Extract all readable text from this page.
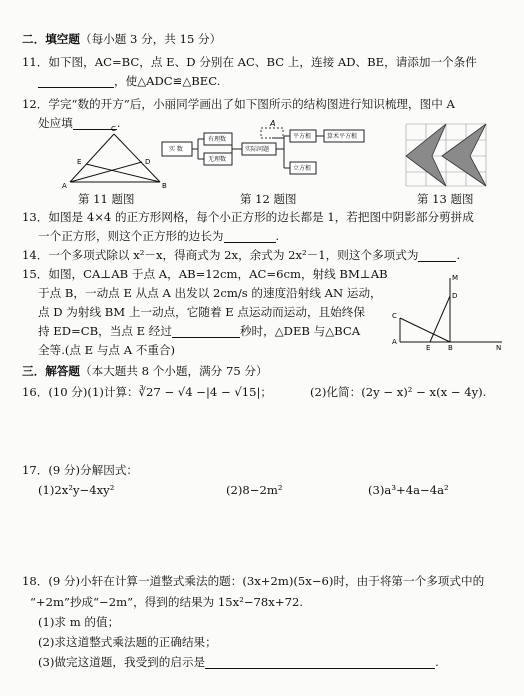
二．填空题（每小题 3 分，共 15 分）
11．如下图，AC=BC，点 E、D 分别在 AC、BC 上，连接 AD、BE，请添加一个条件
，使△ADC≌△BEC.
12．学完“数的开方”后，小丽同学画出了如下图所示的结构图进行知识梳理，图中 A
处应填	.
C
E	D
A	B
A
实 数
有理数
无理数
实际问题
平方根	算术平方根
立方根
第 11 题图	第 12 题图	第 13 题图
13．如图是 4×4 的正方形网格，每个小正方形的边长都是 1，若把图中阴影部分剪拼成
一个正方形，则这个正方形的边长为	.
14．一个多项式除以 x²－x，得商式为 2x，余式为 2x²－1，则这个多项式为	.
15．如图，CA⊥AB 于点 A，AB=12cm，AC=6cm，射线 BM⊥AB
于点 B，一动点 E 从点 A 出发以 2cm/s 的速度沿射线 AN 运动，
点 D 为射线 BM 上一动点，它随着 E 点运动而运动，且始终保
持 ED=CB，当点 E 经过	秒时，△DEB 与△BCA
全等.(点 E 与点 A 不重合)
M
D
C
A
E	B	N
三．解答题（本大题共 8 个小题，满分 75 分）
16．(10 分)(1)计算：∛27 − √4 −|4 − √15|；	(2)化简：(2y − x)² − x(x − 4y).
17．(9 分)分解因式：
(1)2x²y−4xy²	(2)8−2m²	(3)a³+4a−4a²
18．(9 分)小轩在计算一道整式乘法的题：(3x+2m)(5x−6)时，由于将第一个多项式中的
“+2m”抄成“−2m”，得到的结果为 15x²−78x+72.
(1)求 m 的值；
(2)求这道整式乘法题的正确结果；
(3)做完这道题，我受到的启示是	.
